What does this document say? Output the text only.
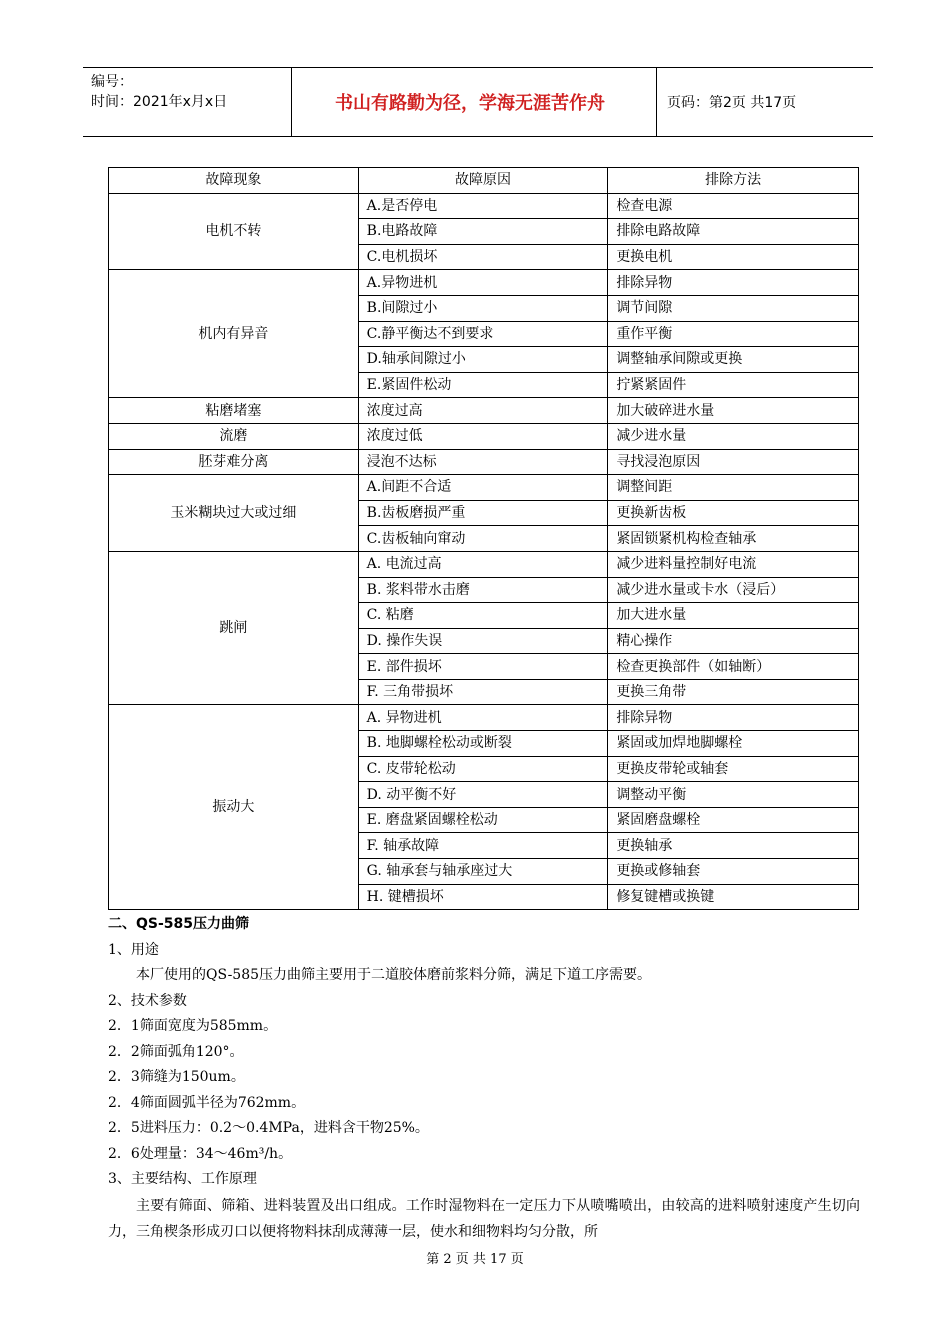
编号：
时间：2021年x月x日	书山有路勤为径，学海无涯苦作舟	页码：第2页 共17页
故障现象	故障原因	排除方法
电机不转	A.是否停电	检查电源
	B.电路故障	排除电路故障
	C.电机损坏	更换电机
机内有异音	A.异物进机	排除异物
	B.间隙过小	调节间隙
	C.静平衡达不到要求	重作平衡
	D.轴承间隙过小	调整轴承间隙或更换
	E.紧固件松动	拧紧紧固件
粘磨堵塞	浓度过高	加大破碎进水量
流磨	浓度过低	减少进水量
胚芽难分离	浸泡不达标	寻找浸泡原因
玉米糊块过大或过细	A.间距不合适	调整间距
	B.齿板磨损严重	更换新齿板
	C.齿板轴向窜动	紧固锁紧机构检查轴承
跳闸	A. 电流过高	减少进料量控制好电流
	B. 浆料带水击磨	减少进水量或卡水（浸后）
	C. 粘磨	加大进水量
	D. 操作失误	精心操作
	E. 部件损坏	检查更换部件（如轴断）
	F. 三角带损坏	更换三角带
振动大	A. 异物进机	排除异物
	B. 地脚螺栓松动或断裂	紧固或加焊地脚螺栓
	C. 皮带轮松动	更换皮带轮或轴套
	D. 动平衡不好	调整动平衡
	E. 磨盘紧固螺栓松动	紧固磨盘螺栓
	F. 轴承故障	更换轴承
	G. 轴承套与轴承座过大	更换或修轴套
	H. 键槽损坏	修复键槽或换键
二、QS-585压力曲筛
1、用途
本厂使用的QS-585压力曲筛主要用于二道胶体磨前浆料分筛，满足下道工序需要。
2、技术参数
2．1筛面宽度为585mm。
2．2筛面弧角120°。
2．3筛缝为150um。
2．4筛面圆弧半径为762mm。
2．5进料压力：0.2～0.4MPa，进料含干物25%。
2．6处理量：34～46m³/h。
3、主要结构、工作原理
主要有筛面、筛箱、进料装置及出口组成。工作时湿物料在一定压力下从喷嘴喷出，由较高的进料喷射速度产生切向力，三角楔条形成刃口以便将物料抹刮成薄薄一层，使水和细物料均匀分散，所
第 2 页 共 17 页
